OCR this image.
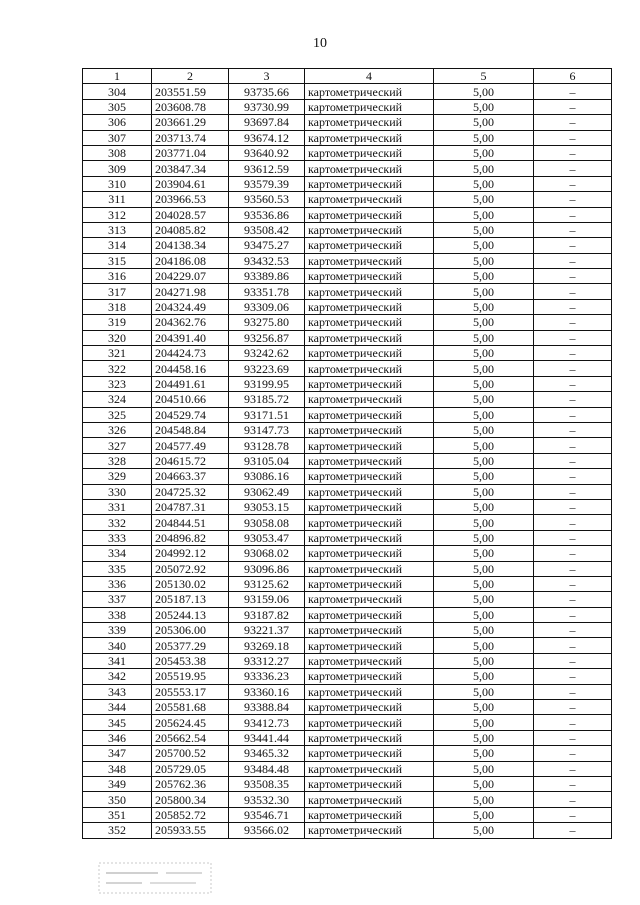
10
1	2	3	4	5	6
304	203551.59	93735.66	картометрический	5,00	–
305	203608.78	93730.99	картометрический	5,00	–
306	203661.29	93697.84	картометрический	5,00	–
307	203713.74	93674.12	картометрический	5,00	–
308	203771.04	93640.92	картометрический	5,00	–
309	203847.34	93612.59	картометрический	5,00	–
310	203904.61	93579.39	картометрический	5,00	–
311	203966.53	93560.53	картометрический	5,00	–
312	204028.57	93536.86	картометрический	5,00	–
313	204085.82	93508.42	картометрический	5,00	–
314	204138.34	93475.27	картометрический	5,00	–
315	204186.08	93432.53	картометрический	5,00	–
316	204229.07	93389.86	картометрический	5,00	–
317	204271.98	93351.78	картометрический	5,00	–
318	204324.49	93309.06	картометрический	5,00	–
319	204362.76	93275.80	картометрический	5,00	–
320	204391.40	93256.87	картометрический	5,00	–
321	204424.73	93242.62	картометрический	5,00	–
322	204458.16	93223.69	картометрический	5,00	–
323	204491.61	93199.95	картометрический	5,00	–
324	204510.66	93185.72	картометрический	5,00	–
325	204529.74	93171.51	картометрический	5,00	–
326	204548.84	93147.73	картометрический	5,00	–
327	204577.49	93128.78	картометрический	5,00	–
328	204615.72	93105.04	картометрический	5,00	–
329	204663.37	93086.16	картометрический	5,00	–
330	204725.32	93062.49	картометрический	5,00	–
331	204787.31	93053.15	картометрический	5,00	–
332	204844.51	93058.08	картометрический	5,00	–
333	204896.82	93053.47	картометрический	5,00	–
334	204992.12	93068.02	картометрический	5,00	–
335	205072.92	93096.86	картометрический	5,00	–
336	205130.02	93125.62	картометрический	5,00	–
337	205187.13	93159.06	картометрический	5,00	–
338	205244.13	93187.82	картометрический	5,00	–
339	205306.00	93221.37	картометрический	5,00	–
340	205377.29	93269.18	картометрический	5,00	–
341	205453.38	93312.27	картометрический	5,00	–
342	205519.95	93336.23	картометрический	5,00	–
343	205553.17	93360.16	картометрический	5,00	–
344	205581.68	93388.84	картометрический	5,00	–
345	205624.45	93412.73	картометрический	5,00	–
346	205662.54	93441.44	картометрический	5,00	–
347	205700.52	93465.32	картометрический	5,00	–
348	205729.05	93484.48	картометрический	5,00	–
349	205762.36	93508.35	картометрический	5,00	–
350	205800.34	93532.30	картометрический	5,00	–
351	205852.72	93546.71	картометрический	5,00	–
352	205933.55	93566.02	картометрический	5,00	–
